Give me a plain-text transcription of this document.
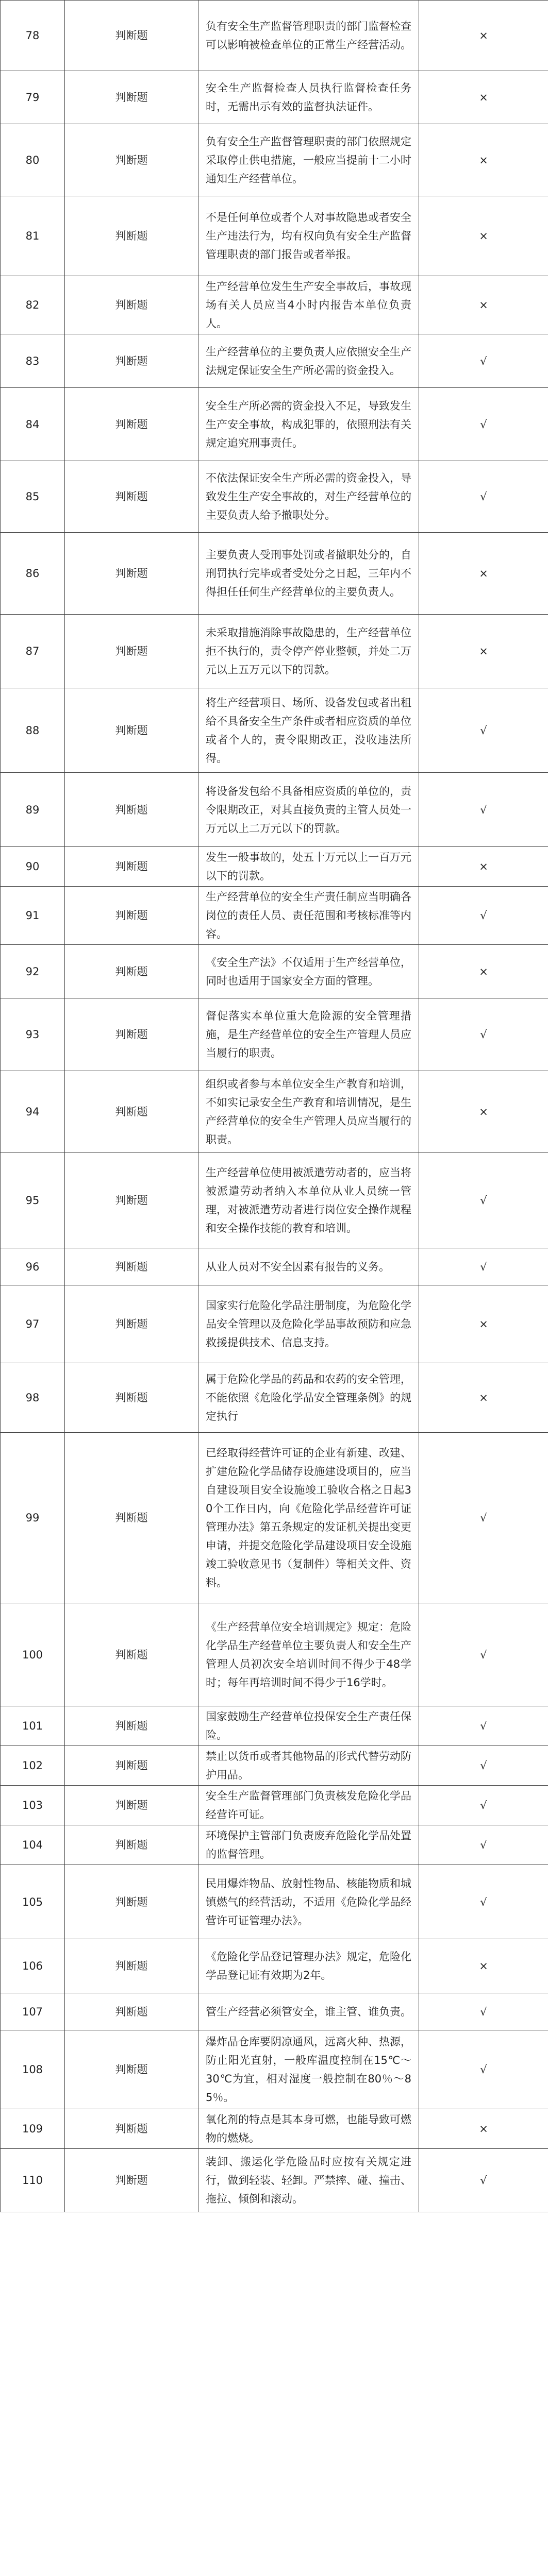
78	判断题	负有安全生产监督管理职责的部门监督检查可以影响被检查单位的正常生产经营活动。	×
79	判断题	安全生产监督检查人员执行监督检查任务时，无需出示有效的监督执法证件。	×
80	判断题	负有安全生产监督管理职责的部门依照规定采取停止供电措施，一般应当提前十二小时通知生产经营单位。	×
81	判断题	不是任何单位或者个人对事故隐患或者安全生产违法行为，均有权向负有安全生产监督管理职责的部门报告或者举报。	×
82	判断题	生产经营单位发生生产安全事故后，事故现场有关人员应当4小时内报告本单位负责人。	×
83	判断题	生产经营单位的主要负责人应依照安全生产法规定保证安全生产所必需的资金投入。	√
84	判断题	安全生产所必需的资金投入不足，导致发生生产安全事故，构成犯罪的，依照刑法有关规定追究刑事责任。	√
85	判断题	不依法保证安全生产所必需的资金投入，导致发生生产安全事故的，对生产经营单位的主要负责人给予撤职处分。	√
86	判断题	主要负责人受刑事处罚或者撤职处分的，自刑罚执行完毕或者受处分之日起，三年内不得担任任何生产经营单位的主要负责人。	×
87	判断题	未采取措施消除事故隐患的，生产经营单位拒不执行的，责令停产停业整顿，并处二万元以上五万元以下的罚款。	×
88	判断题	将生产经营项目、场所、设备发包或者出租给不具备安全生产条件或者相应资质的单位或者个人的，责令限期改正，没收违法所得。	√
89	判断题	将设备发包给不具备相应资质的单位的，责令限期改正，对其直接负责的主管人员处一万元以上二万元以下的罚款。	√
90	判断题	发生一般事故的，处五十万元以上一百万元以下的罚款。	×
91	判断题	生产经营单位的安全生产责任制应当明确各岗位的责任人员、责任范围和考核标准等内容。	√
92	判断题	《安全生产法》不仅适用于生产经营单位，同时也适用于国家安全方面的管理。	×
93	判断题	督促落实本单位重大危险源的安全管理措施，是生产经营单位的安全生产管理人员应当履行的职责。	√
94	判断题	组织或者参与本单位安全生产教育和培训，不如实记录安全生产教育和培训情况，是生产经营单位的安全生产管理人员应当履行的职责。	×
95	判断题	生产经营单位使用被派遣劳动者的，应当将被派遣劳动者纳入本单位从业人员统一管理，对被派遣劳动者进行岗位安全操作规程和安全操作技能的教育和培训。	√
96	判断题	从业人员对不安全因素有报告的义务。	√
97	判断题	国家实行危险化学品注册制度，为危险化学品安全管理以及危险化学品事故预防和应急救援提供技术、信息支持。	×
98	判断题	属于危险化学品的药品和农药的安全管理，不能依照《危险化学品安全管理条例》的规定执行	×
99	判断题	已经取得经营许可证的企业有新建、改建、扩建危险化学品储存设施建设项目的，应当自建设项目安全设施竣工验收合格之日起30个工作日内，向《危险化学品经营许可证管理办法》第五条规定的发证机关提出变更申请，并提交危险化学品建设项目安全设施竣工验收意见书（复制件）等相关文件、资料。	√
100	判断题	《生产经营单位安全培训规定》规定：危险化学品生产经营单位主要负责人和安全生产管理人员初次安全培训时间不得少于48学时；每年再培训时间不得少于16学时。	√
101	判断题	国家鼓励生产经营单位投保安全生产责任保险。	√
102	判断题	禁止以货币或者其他物品的形式代替劳动防护用品。	√
103	判断题	安全生产监督管理部门负责核发危险化学品经营许可证。	√
104	判断题	环境保护主管部门负责废弃危险化学品处置的监督管理。	√
105	判断题	民用爆炸物品、放射性物品、核能物质和城镇燃气的经营活动，不适用《危险化学品经营许可证管理办法》。	√
106	判断题	《危险化学品登记管理办法》规定，危险化学品登记证有效期为2年。	×
107	判断题	管生产经营必须管安全，谁主管、谁负责。	√
108	判断题	爆炸品仓库要阴凉通风，远离火种、热源，防止阳光直射，一般库温度控制在15℃～30℃为宜，相对湿度一般控制在80％～85％。	√
109	判断题	氧化剂的特点是其本身可燃，也能导致可燃物的燃烧。	×
110	判断题	装卸、搬运化学危险品时应按有关规定进行，做到轻装、轻卸。严禁摔、碰、撞击、拖拉、倾倒和滚动。	√
